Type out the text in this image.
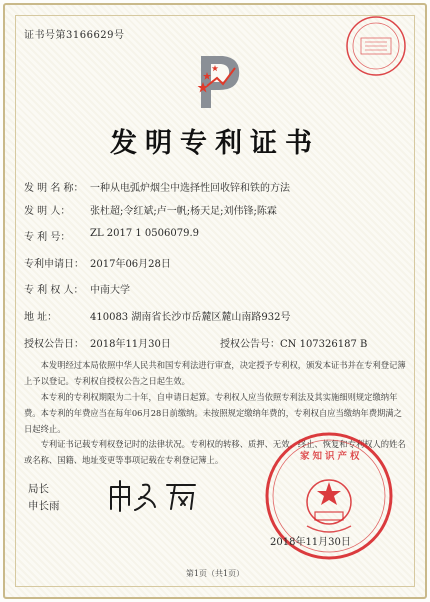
证书号第3166629号
发明专利证书
发 明 名 称： 一种从电弧炉烟尘中选择性回收锌和铁的方法
发 明 人：	张杜超;令红斌;卢一帆;杨天足;刘伟锋;陈霖
专 利 号：	ZL 2017 1 0506079.9
专利申请日： 2017年06月28日
专 利 权 人： 中南大学
地 址：	410083 湖南省长沙市岳麓区麓山南路932号
授权公告日： 2018年11月30日	授权公告号：CN 107326187 B
本发明经过本局依照中华人民共和国专利法进行审查，决定授予专利权，颁发本证书并在专利登记簿上予以登记。专利权自授权公告之日起生效。
本专利的专利权期限为二十年，自申请日起算。专利权人应当依照专利法及其实施细则规定缴纳年费。本专利的年费应当在每年06月28日前缴纳。未按照规定缴纳年费的，专利权自应当缴纳年费期满之日起终止。
专利证书记载专利权登记时的法律状况。专利权的转移、质押、无效、终止、恢复和专利权人的姓名或名称、国籍、地址变更等事项记载在专利登记簿上。
局长
申长雨
家知识产权
2018年11月30日
第1页（共1页）
